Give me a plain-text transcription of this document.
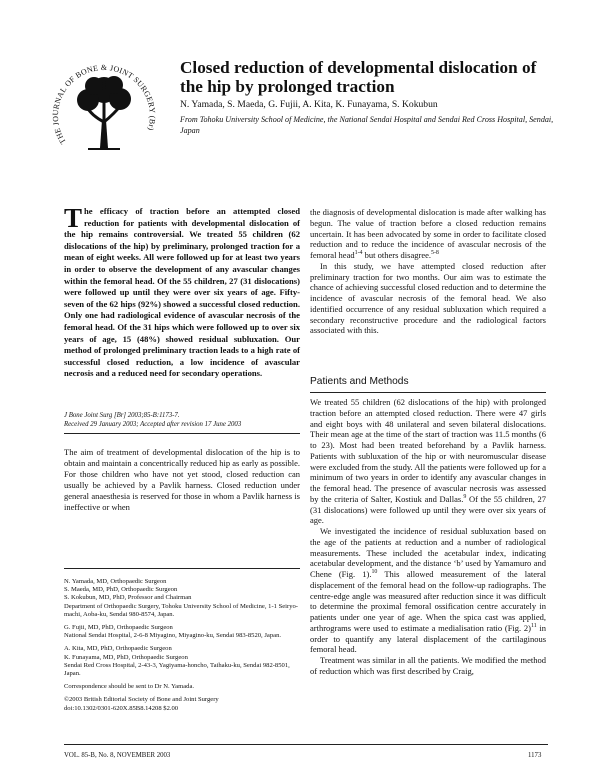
THE JOURNAL OF BONE & JOINT SURGERY (Br)
Closed reduction of developmental dislocation of the hip by prolonged traction
N. Yamada, S. Maeda, G. Fujii, A. Kita, K. Funayama, S. Kokubun
From Tohoku University School of Medicine, the National Sendai Hospital and Sendai Red Cross Hospital, Sendai, Japan
The efficacy of traction before an attempted closed reduction for patients with developmental dislocation of the hip remains controversial. We treated 55 children (62 dislocations of the hip) by preliminary, prolonged traction for a mean of eight weeks. All were followed up for at least two years in order to observe the development of any avascular changes within the femoral head. Of the 55 children, 27 (31 dislocations) were followed up until they were over six years of age. Fifty-seven of the 62 hips (92%) showed a successful closed reduction. Only one had radiological evidence of avascular necrosis of the femoral head. Of the 31 hips which were followed up to over six years of age, 15 (48%) showed residual subluxation. Our method of prolonged preliminary traction leads to a high rate of successful closed reduction, a low incidence of avascular necrosis and a reduced need for secondary operations.
J Bone Joint Surg [Br] 2003;85-B:1173-7.
Received 29 January 2003; Accepted after revision 17 June 2003
The aim of treatment of developmental dislocation of the hip is to obtain and maintain a concentrically reduced hip as early as possible. For those children who have not yet stood, closed reduction can usually be achieved by a Pavlik harness. Closed reduction under general anaesthesia is reserved for those in whom a Pavlik harness is ineffective or when

N. Yamada, MD, Orthopaedic Surgeon
S. Maeda, MD, PhD, Orthopaedic Surgeon
S. Kokubun, MD, PhD, Professor and Chairman
Department of Orthopaedic Surgery, Tohoku University School of Medicine, 1-1 Seiryo-machi, Aoba-ku, Sendai 980-8574, Japan.

G. Fujii, MD, PhD, Orthopaedic Surgeon
National Sendai Hospital, 2-6-8 Miyagino, Miyagino-ku, Sendai 983-8520, Japan.

A. Kita, MD, PhD, Orthopaedic Surgeon
K. Funayama, MD, PhD, Orthopaedic Surgeon
Sendai Red Cross Hospital, 2-43-3, Yagiyama-honcho, Taihaku-ku, Sendai 982-8501, Japan.

Correspondence should be sent to Dr N. Yamada.

©2003 British Editorial Society of Bone and Joint Surgery
doi:10.1302/0301-620X.85B8.14208 $2.00

the diagnosis of developmental dislocation is made after walking has begun. The value of traction before a closed reduction remains uncertain. It has been advocated by some in order to facilitate closed reduction and to reduce the incidence of avascular necrosis of the femoral head$^{1-4}$ but others disagree.$^{5-8}$

In this study, we have attempted closed reduction after preliminary traction for two months. Our aim was to estimate the chance of achieving successful closed reduction and to determine the incidence of avascular necrosis of the femoral head. We also identified occurrence of any residual subluxation which required a secondary reconstructive procedure and the radiological factors associated with this.

Patients and Methods

We treated 55 children (62 dislocations of the hip) with prolonged traction before an attempted closed reduction. There were 47 girls and eight boys with 48 unilateral and seven bilateral dislocations. Their mean age at the time of the start of traction was 11.5 months (6 to 23). Most had been treated beforehand by a Pavlik harness. Patients with subluxation of the hip or with neuromuscular disease were excluded from the study. All the patients were followed up for a minimum of two years in order to identify any avascular changes in the femoral head. The presence of avascular necrosis was assessed by the criteria of Salter, Kostiuk and Dallas.$^9$ Of the 55 children, 27 (31 dislocations) were followed up until they were over six years of age.

We investigated the incidence of residual subluxation based on the age of the patients at reduction and a number of radiological measurements. These included the acetabular index, indicating acetabular development, and the distance ‘b’ used by Yamamuro and Chene (Fig. 1).$^{10}$ This allowed measurement of the lateral displacement of the femoral head on the follow-up radiographs. The centre-edge angle was measured after reduction since it was difficult to determine the proximal femoral ossification centre accurately in patients under one year of age. When the spica cast was applied, arthrograms were used to estimate a medialisation ratio (Fig. 2)$^{11}$ in order to quantify any lateral displacement of the cartilaginous femoral head.

Treatment was similar in all the patients. We modified the method of reduction which was first described by Craig,

VOL. 85-B, No. 8, NOVEMBER 2003	1173
